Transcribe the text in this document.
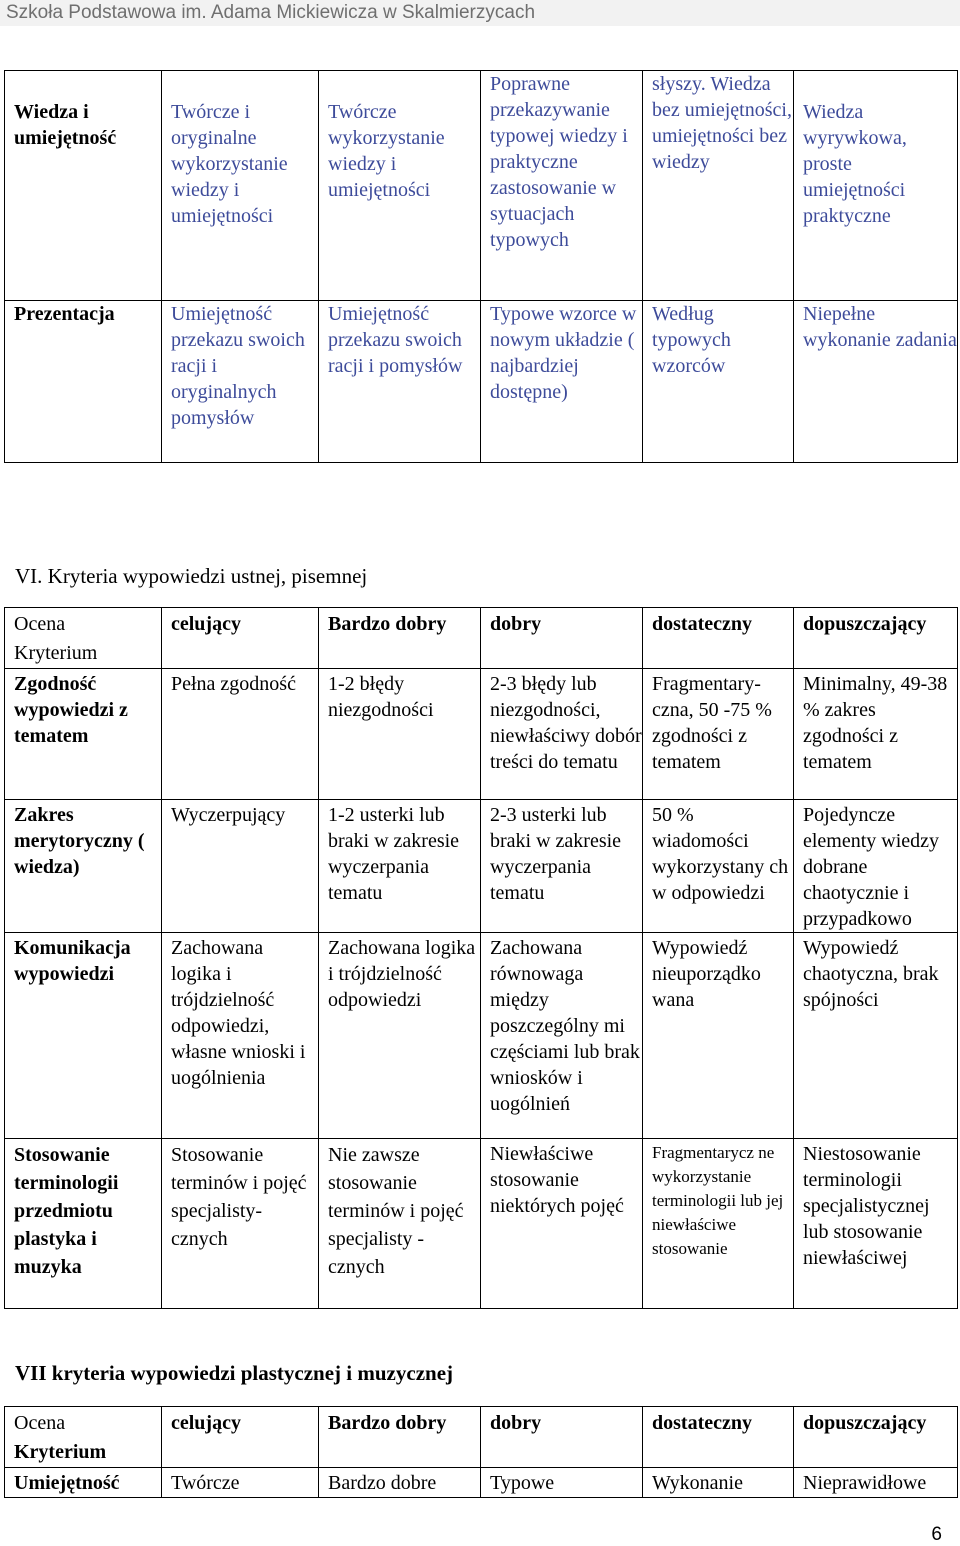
Szkoła Podstawowa im. Adama Mickiewicza w Skalmierzycach
Wiedza i umiejętność	Twórcze i oryginalne wykorzystanie wiedzy i umiejętności	Twórcze wykorzystanie wiedzy i umiejętności	Poprawne przekazywanie typowej wiedzy i praktyczne zastosowanie w sytuacjach typowych	słyszy. Wiedza bez umiejętności, umiejętności bez wiedzy	Wiedza wyrywkowa, proste umiejętności praktyczne
Prezentacja	Umiejętność przekazu swoich racji i oryginalnych pomysłów	Umiejętność przekazu swoich racji i pomysłów	Typowe wzorce w nowym układzie ( najbardziej dostępne)	Według typowych wzorców	Niepełne wykonanie zadania
VI. Kryteria wypowiedzi ustnej, pisemnej
Ocena
Kryterium	celujący	Bardzo dobry	dobry	dostateczny	dopuszczający
Zgodność wypowiedzi z tematem	Pełna zgodność	1-2 błędy niezgodności	2-3 błędy lub niezgodności, niewłaściwy dobór treści do tematu	Fragmentary-czna, 50 -75 % zgodności z tematem	Minimalny, 49-38 % zakres zgodności z tematem
Zakres merytoryczny ( wiedza)	Wyczerpujący	1-2 usterki lub braki w zakresie wyczerpania tematu	2-3 usterki lub braki w zakresie wyczerpania tematu	50 % wiadomości wykorzystany ch w odpowiedzi	Pojedyncze elementy wiedzy dobrane chaotycznie i przypadkowo
Komunikacja wypowiedzi	Zachowana logika i trójdzielność odpowiedzi, własne wnioski i uogólnienia	Zachowana logika i trójdzielność odpowiedzi	Zachowana równowaga między poszczególny mi częściami lub brak wniosków i uogólnień	Wypowiedź nieuporządko wana	Wypowiedź chaotyczna, brak spójności
Stosowanie terminologii przedmiotu plastyka i muzyka	Stosowanie terminów i pojęć specjalisty-cznych	Nie zawsze stosowanie terminów i pojęć specjalisty - cznych	Niewłaściwe stosowanie niektórych pojęć	Fragmentarycz ne wykorzystanie terminologii lub jej niewłaściwe stosowanie	Niestosowanie terminologii specjalistycznej lub stosowanie niewłaściwej
VII kryteria wypowiedzi plastycznej i muzycznej
Ocena
Kryterium	celujący	Bardzo dobry	dobry	dostateczny	dopuszczający
Umiejętność	Twórcze	Bardzo dobre	Typowe	Wykonanie	Nieprawidłowe
6
